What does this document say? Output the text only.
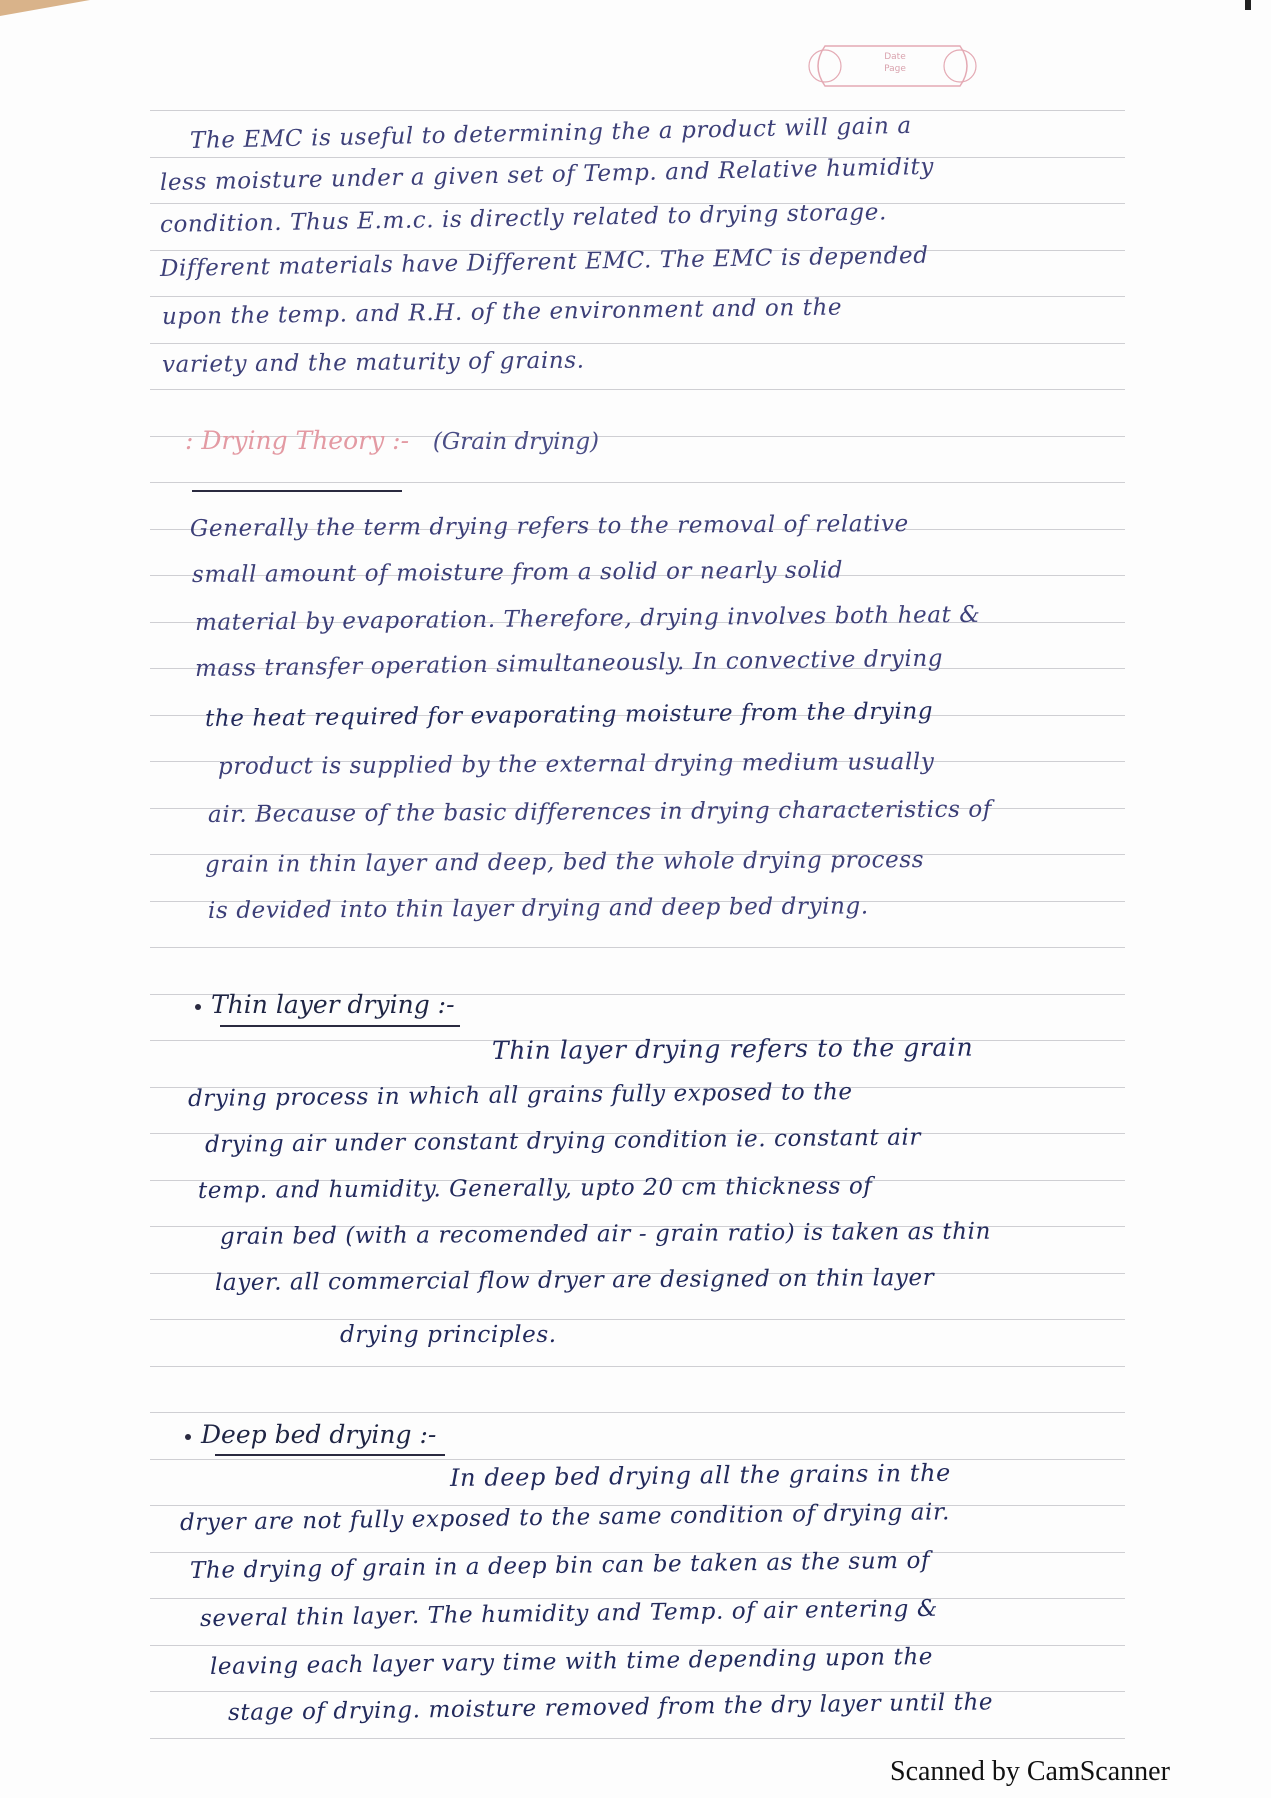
Date
Page
The EMC is useful to determining the a product will gain a
less moisture under a given set of Temp. and Relative humidity
condition. Thus E.m.c. is directly related to drying storage.
Different materials have Different EMC. The EMC is depended
upon the temp. and R.H. of the environment and on the
variety and the maturity of grains.
: Drying Theory :- (Grain drying)
Generally the term drying refers to the removal of relative
small amount of moisture from a solid or nearly solid
material by evaporation. Therefore, drying involves both heat &
mass transfer operation simultaneously. In convective drying
the heat required for evaporating moisture from the drying
product is supplied by the external drying medium usually
air. Because of the basic differences in drying characteristics of
grain in thin layer and deep, bed the whole drying process
is devided into thin layer drying and deep bed drying.
Thin layer drying :-
Thin layer drying refers to the grain
drying process in which all grains fully exposed to the
drying air under constant drying condition ie. constant air
temp. and humidity. Generally, upto 20 cm thickness of
grain bed (with a recomended air - grain ratio) is taken as thin
layer. all commercial flow dryer are designed on thin layer
drying principles.
Deep bed drying :-
In deep bed drying all the grains in the
dryer are not fully exposed to the same condition of drying air.
The drying of grain in a deep bin can be taken as the sum of
several thin layer. The humidity and Temp. of air entering &
leaving each layer vary time with time depending upon the
stage of drying. moisture removed from the dry layer until the
Scanned by CamScanner
